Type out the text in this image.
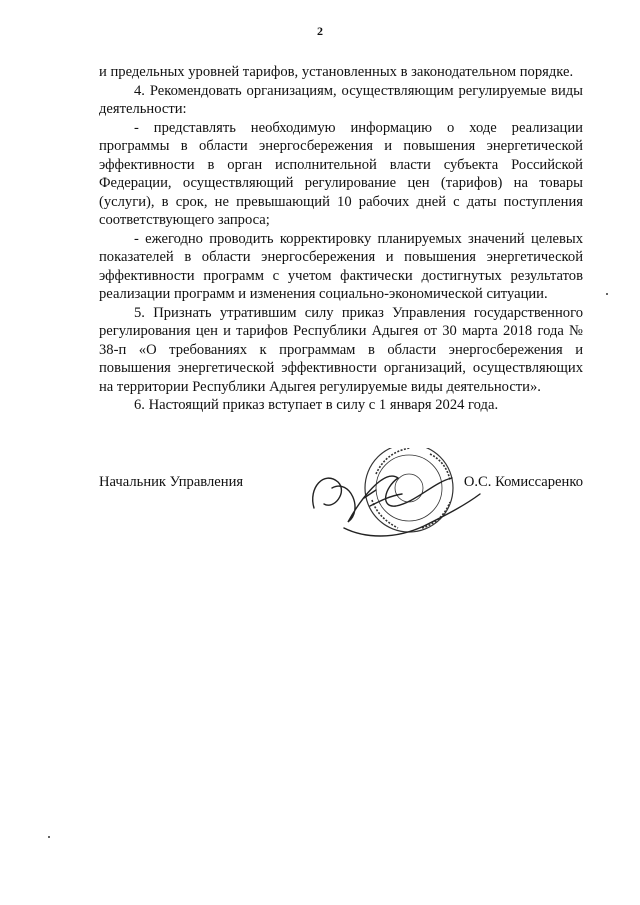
2

и предельных уровней тарифов, установленных в законодательном порядке.

4. Рекомендовать организациям, осуществляющим регулируемые виды деятельности:

- представлять необходимую информацию о ходе реализации программы в области энергосбережения и повышения энергетической эффективности в орган исполнительной власти субъекта Российской Федерации, осуществляющий регулирование цен (тарифов) на товары (услуги), в срок, не превышающий 10 рабочих дней с даты поступления соответствующего запроса;

- ежегодно проводить корректировку планируемых значений целевых показателей в области энергосбережения и повышения энергетической эффективности программ с учетом фактически достигнутых результатов реализации программ и изменения социально-экономической ситуации.

5. Признать утратившим силу приказ Управления государственного регулирования цен и тарифов Республики Адыгея от 30 марта 2018 года № 38-п «О требованиях к программам в области энергосбережения и повышения энергетической эффективности организаций, осуществляющих на территории Республики Адыгея регулируемые виды деятельности».

6. Настоящий приказ вступает в силу с 1 января 2024 года.

Начальник Управления	О.С. Комиссаренко
